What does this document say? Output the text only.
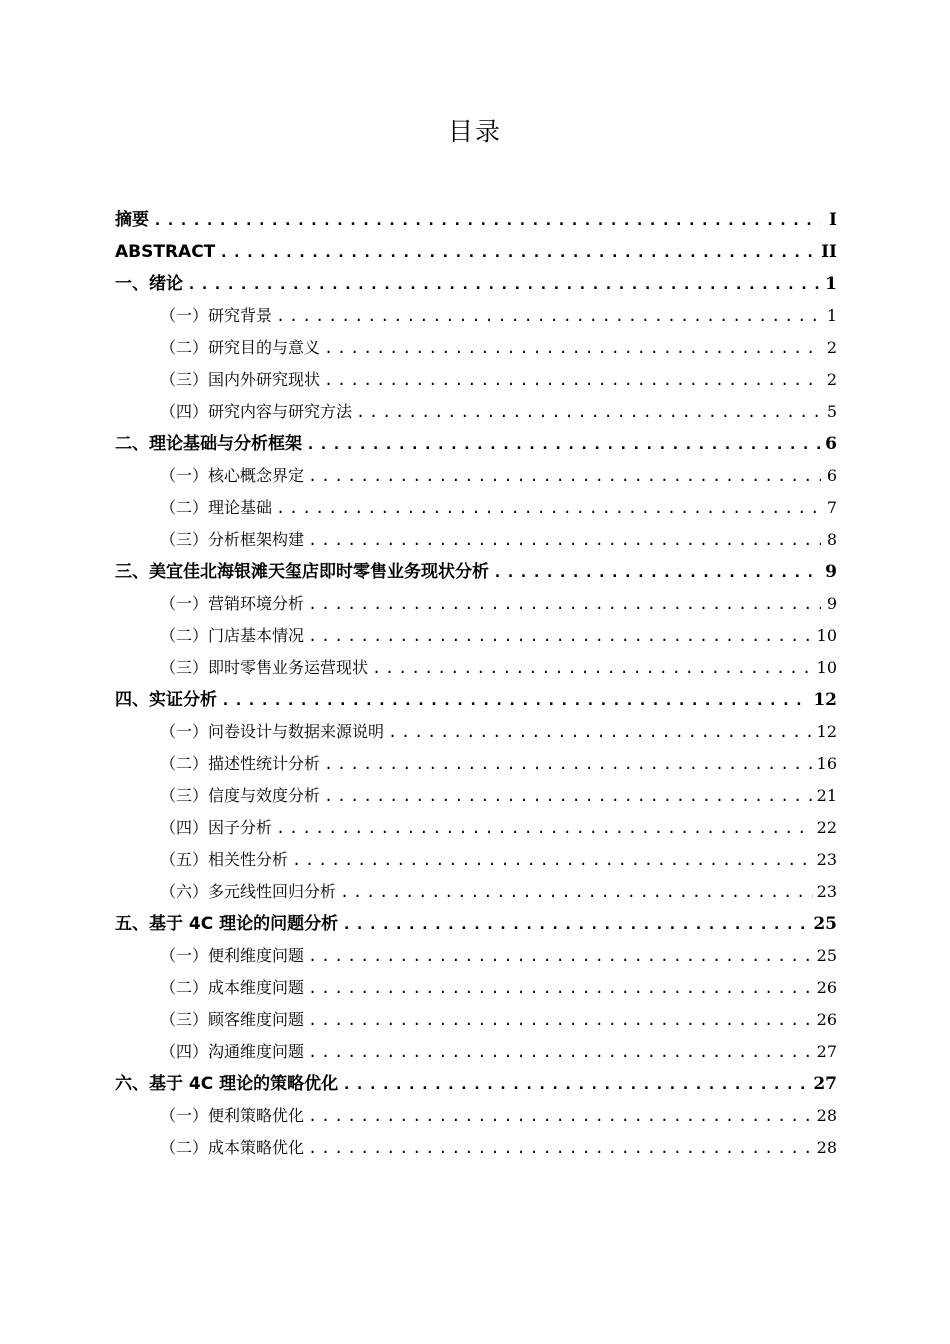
目录
摘要 .....	I
ABSTRACT .....	II
一、 绪论 .....	1
（一） 研究背景 .....	1
（二） 研究目的与意义 .....	2
（三） 国内外研究现状 .....	2
（四） 研究内容与研究方法 .....	5
二、 理论基础与分析框架 .....	6
（一） 核心概念界定 .....	6
（二） 理论基础 .....	7
（三） 分析框架构建 .....	8
三、 美宜佳北海银滩天玺店即时零售业务现状分析 .....	9
（一） 营销环境分析 .....	9
（二） 门店基本情况 .....	10
（三） 即时零售业务运营现状 .....	10
四、 实证分析 .....	12
（一） 问卷设计与数据来源说明 .....	12
（二） 描述性统计分析 .....	16
（三） 信度与效度分析 .....	21
（四） 因子分析 .....	22
（五） 相关性分析 .....	23
（六） 多元线性回归分析 .....	23
五、 基于 4C 理论的问题分析 .....	25
（一） 便利维度问题 .....	25
（二） 成本维度问题 .....	26
（三） 顾客维度问题 .....	26
（四） 沟通维度问题 .....	27
六、 基于 4C 理论的策略优化 .....	27
（一） 便利策略优化 .....	28
（二） 成本策略优化 .....	28
